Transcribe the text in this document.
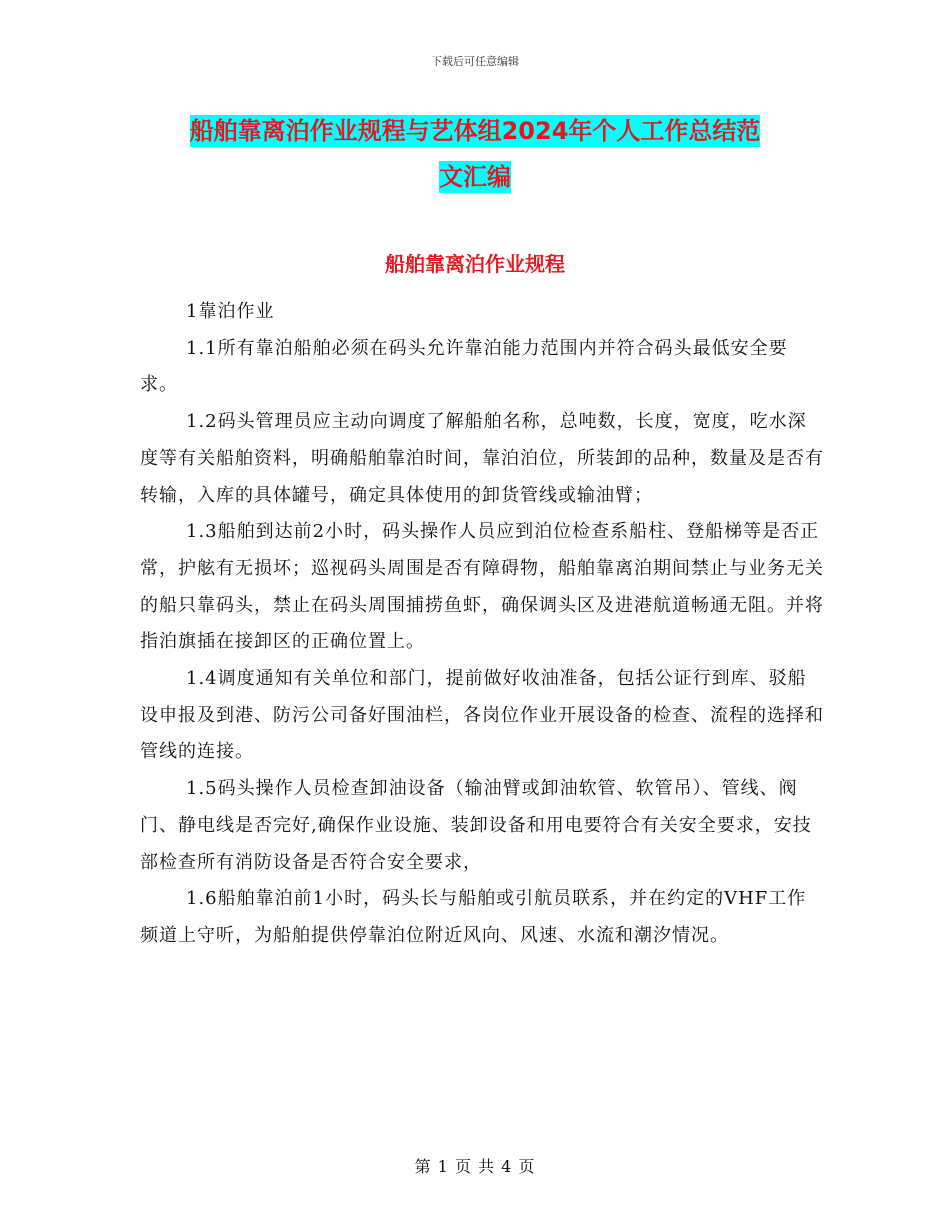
下载后可任意编辑
船舶靠离泊作业规程与艺体组2024年个人工作总结范
文汇编
船舶靠离泊作业规程

1靠泊作业

1.1所有靠泊船舶必须在码头允许靠泊能力范围内并符合码头最低安全要求。

1.2码头管理员应主动向调度了解船舶名称，总吨数，长度，宽度，吃水深度等有关船舶资料，明确船舶靠泊时间，靠泊泊位，所装卸的品种，数量及是否有转输，入库的具体罐号，确定具体使用的卸货管线或输油臂；

1.3船舶到达前2小时，码头操作人员应到泊位检查系船柱、登船梯等是否正常，护舷有无损坏；巡视码头周围是否有障碍物，船舶靠离泊期间禁止与业务无关的船只靠码头，禁止在码头周围捕捞鱼虾，确保调头区及进港航道畅通无阻。并将指泊旗插在接卸区的正确位置上。

1.4调度通知有关单位和部门，提前做好收油准备，包括公证行到库、驳船设申报及到港、防污公司备好围油栏，各岗位作业开展设备的检查、流程的选择和管线的连接。

1.5码头操作人员检查卸油设备（输油臂或卸油软管、软管吊）、管线、阀门、静电线是否完好,确保作业设施、装卸设备和用电要符合有关安全要求，安技部检查所有消防设备是否符合安全要求，

1.6船舶靠泊前1小时，码头长与船舶或引航员联系，并在约定的VHF工作频道上守听，为船舶提供停靠泊位附近风向、风速、水流和潮汐情况。

第 1 页 共 4 页
